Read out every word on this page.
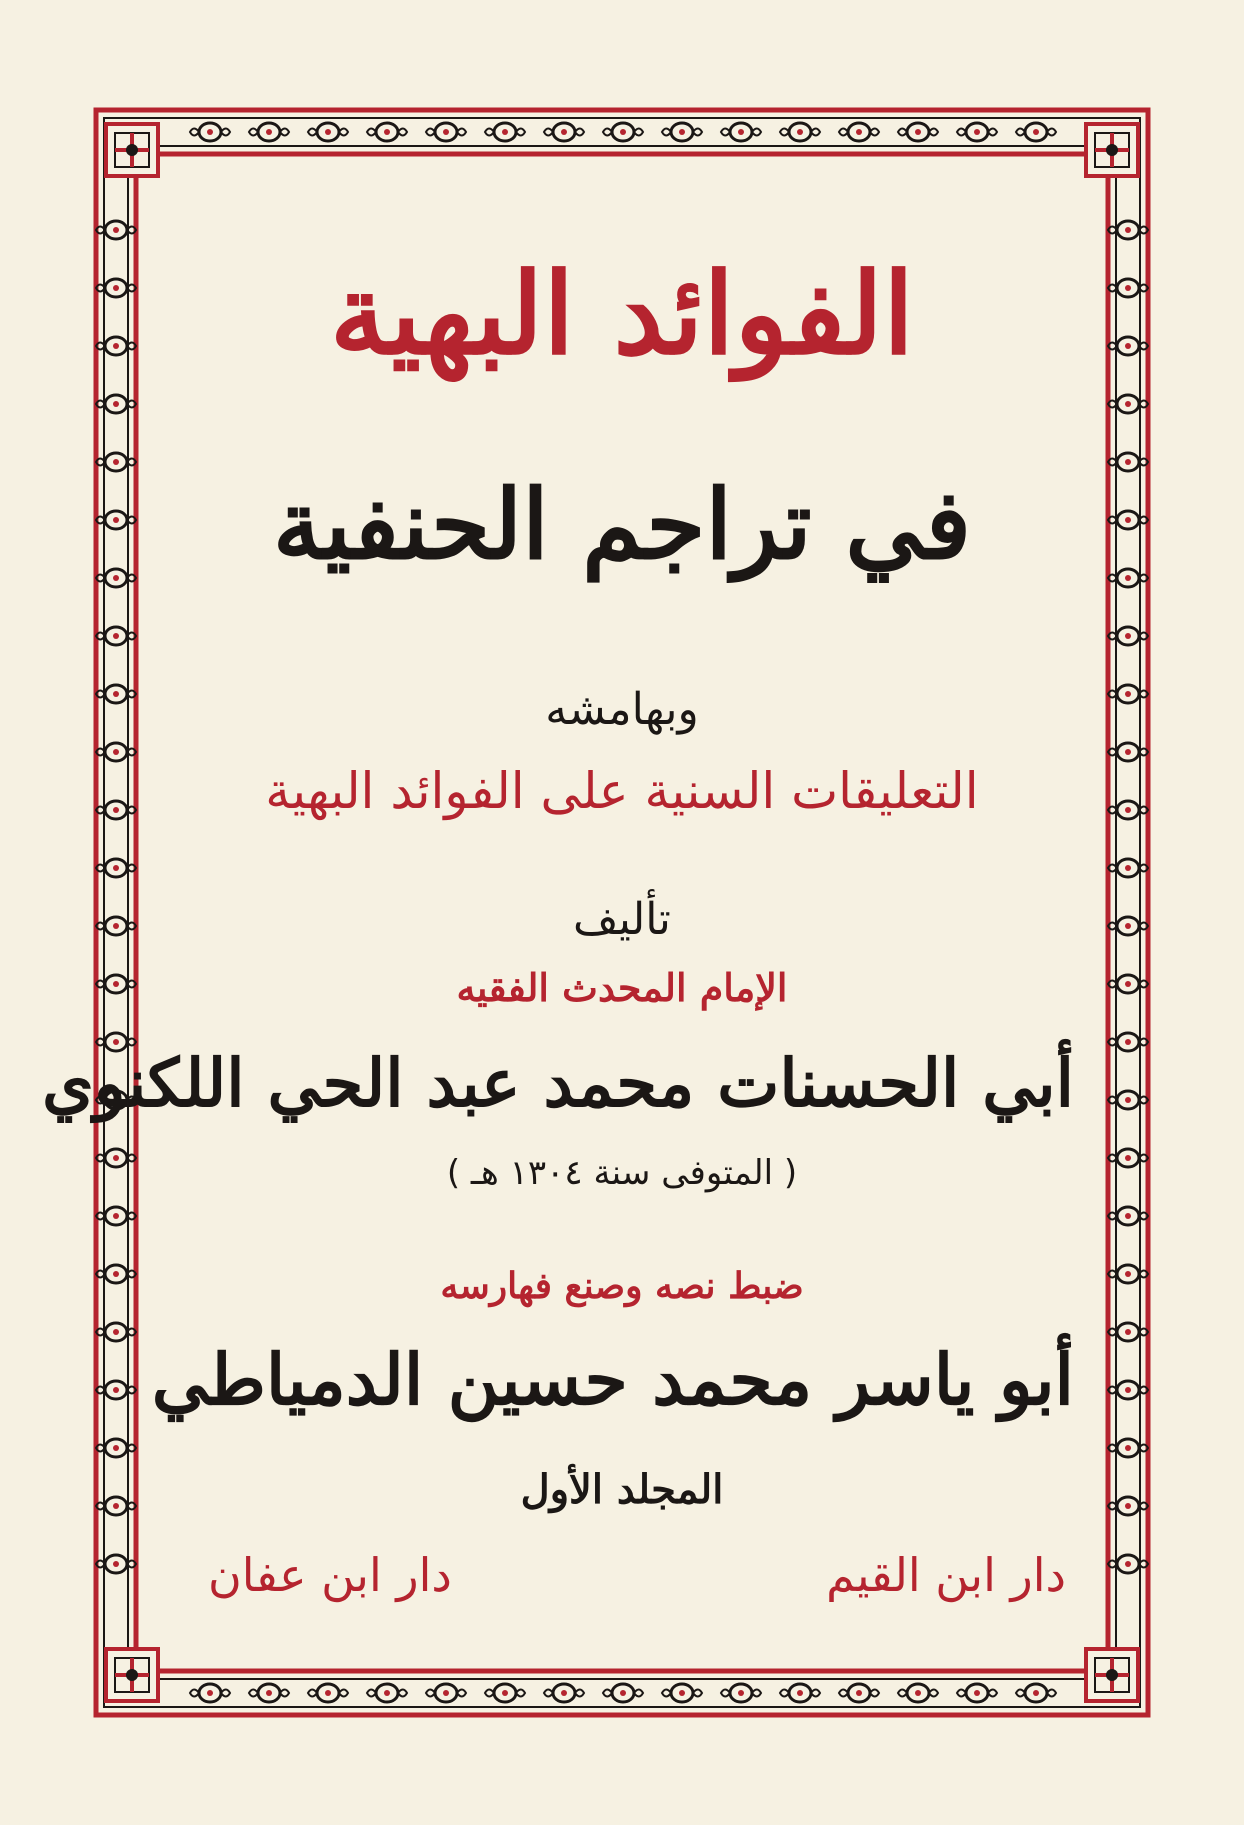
الفوائد البهية
في تراجم الحنفية
وبهامشه
التعليقات السنية على الفوائد البهية
تأليف
الإمام المحدث الفقيه
أبي الحسنات محمد عبد الحي اللكنوي
( المتوفى سنة ١٣٠٤ هـ )
ضبط نصه وصنع فهارسه
أبو ياسر محمد حسين الدمياطي
المجلد الأول
دار ابن القيم
دار ابن عفان
